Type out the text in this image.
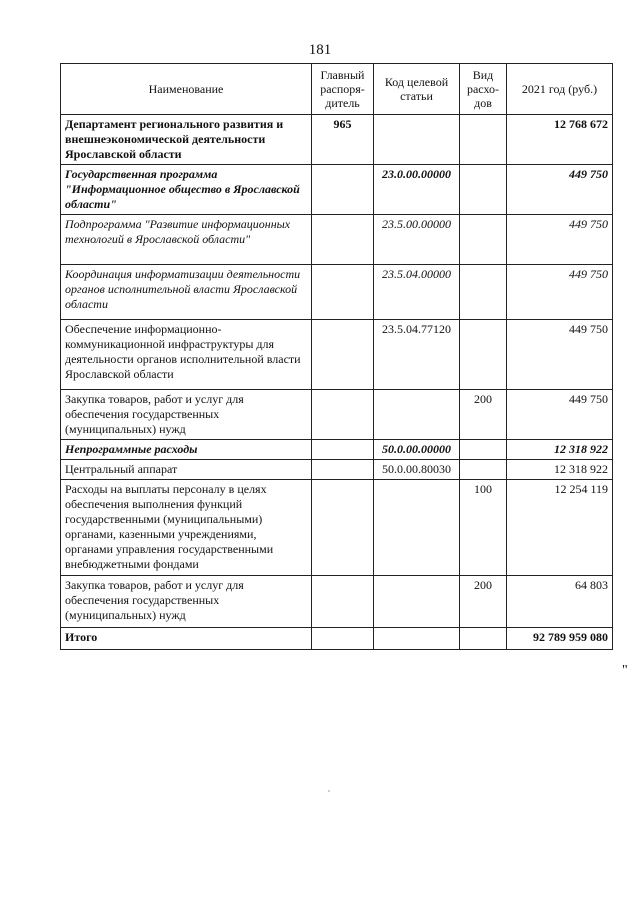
181
Наименование	Главный распоря-дитель	Код целевой статьи	Вид расхо-дов	2021 год (руб.)
Департамент регионального развития и внешнеэкономической деятельности Ярославской области	965			12 768 672
Государственная программа "Информационное общество в Ярославской области"		23.0.00.00000		449 750
Подпрограмма "Развитие информационных технологий в Ярославской области"		23.5.00.00000		449 750
Координация информатизации деятельности органов исполнительной власти Ярославской области		23.5.04.00000		449 750
Обеспечение информационно-коммуникационной инфраструктуры для деятельности органов исполнительной власти Ярославской области		23.5.04.77120		449 750
Закупка товаров, работ и услуг для обеспечения государственных (муниципальных) нужд			200	449 750
Непрограммные расходы		50.0.00.00000		12 318 922
Центральный аппарат		50.0.00.80030		12 318 922
Расходы на выплаты персоналу в целях обеспечения выполнения функций государственными (муниципальными) органами, казенными учреждениями, органами управления государственными внебюджетными фондами			100	12 254 119
Закупка товаров, работ и услуг для обеспечения государственных (муниципальных) нужд			200	64 803
Итого				92 789 959 080
"
